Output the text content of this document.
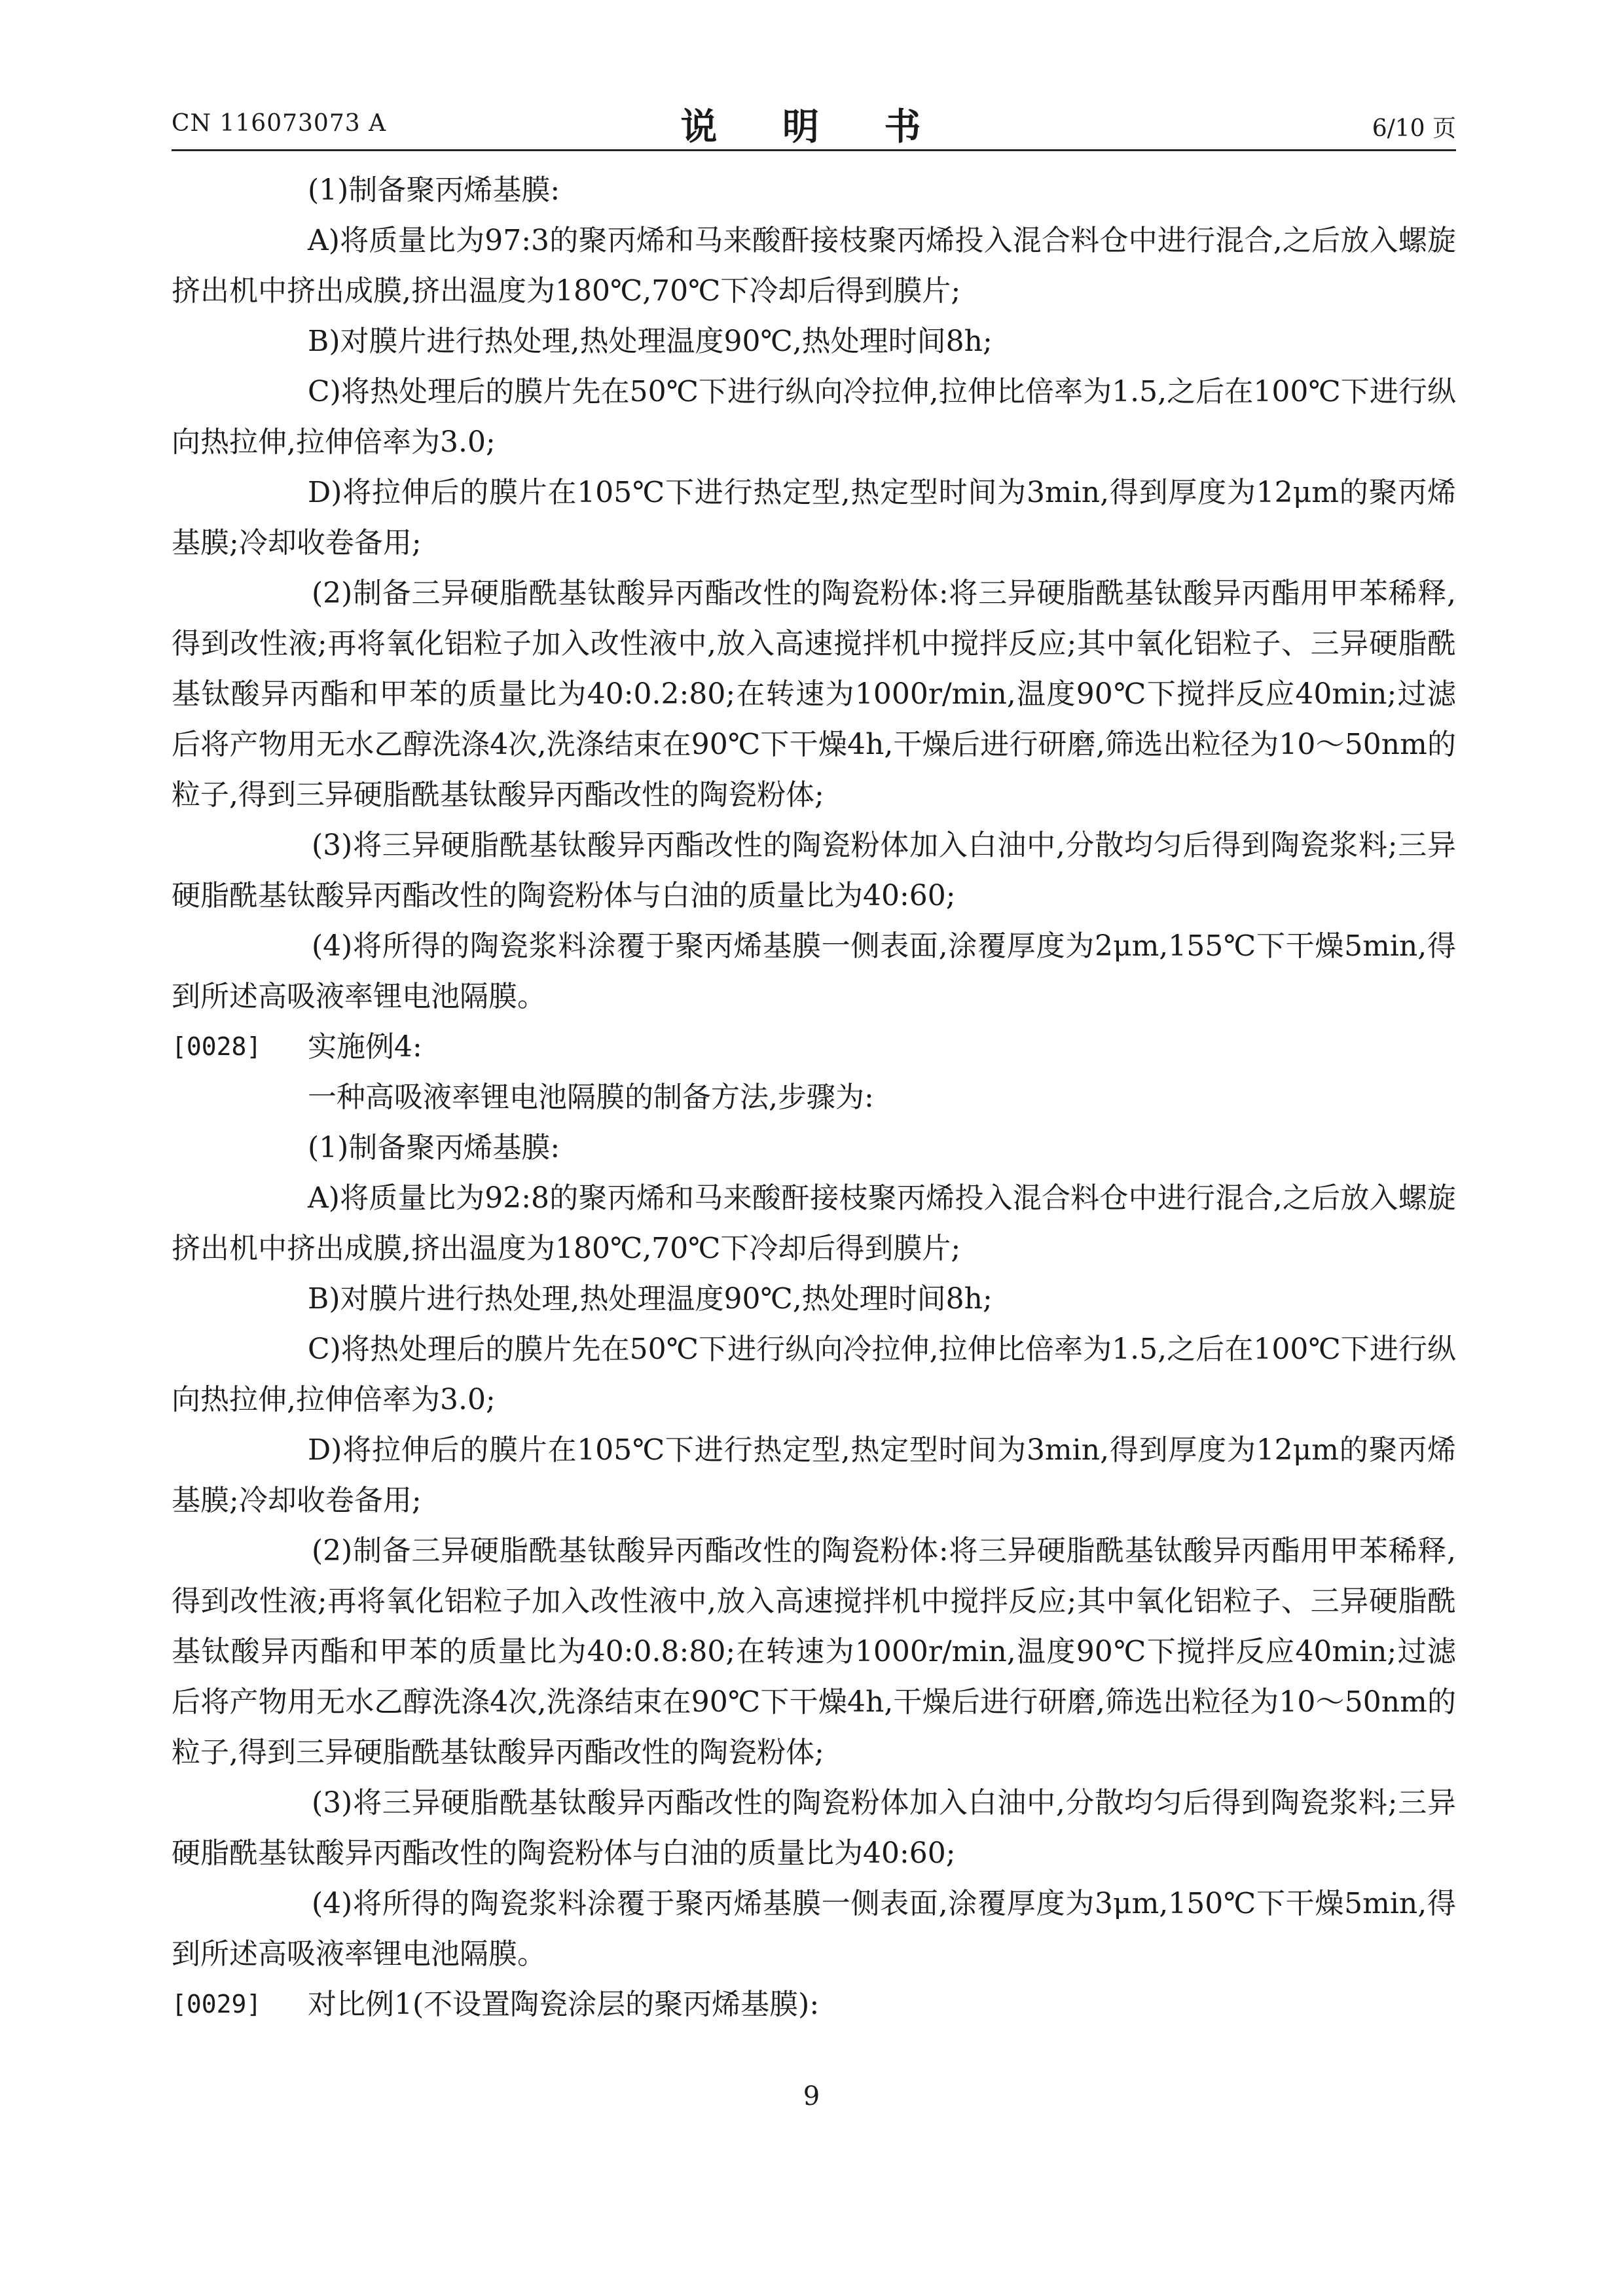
CN 116073073 A	说 明 书	6/10 页

(1)制备聚丙烯基膜:

A)将质量比为97:3的聚丙烯和马来酸酐接枝聚丙烯投入混合料仓中进行混合,之后放入螺旋挤出机中挤出成膜,挤出温度为180℃,70℃下冷却后得到膜片;

B)对膜片进行热处理,热处理温度90℃,热处理时间8h;

C)将热处理后的膜片先在50℃下进行纵向冷拉伸,拉伸比倍率为1.5,之后在100℃下进行纵向热拉伸,拉伸倍率为3.0;

D)将拉伸后的膜片在105℃下进行热定型,热定型时间为3min,得到厚度为12μm的聚丙烯基膜;冷却收卷备用;

(2)制备三异硬脂酰基钛酸异丙酯改性的陶瓷粉体:将三异硬脂酰基钛酸异丙酯用甲苯稀释,得到改性液;再将氧化铝粒子加入改性液中,放入高速搅拌机中搅拌反应;其中氧化铝粒子、三异硬脂酰基钛酸异丙酯和甲苯的质量比为40:0.2:80;在转速为1000r/min,温度90℃下搅拌反应40min;过滤后将产物用无水乙醇洗涤4次,洗涤结束在90℃下干燥4h,干燥后进行研磨,筛选出粒径为10～50nm的粒子,得到三异硬脂酰基钛酸异丙酯改性的陶瓷粉体;

(3)将三异硬脂酰基钛酸异丙酯改性的陶瓷粉体加入白油中,分散均匀后得到陶瓷浆料;三异硬脂酰基钛酸异丙酯改性的陶瓷粉体与白油的质量比为40:60;

(4)将所得的陶瓷浆料涂覆于聚丙烯基膜一侧表面,涂覆厚度为2μm,155℃下干燥5min,得到所述高吸液率锂电池隔膜。

[0028] 实施例4:

一种高吸液率锂电池隔膜的制备方法,步骤为:

(1)制备聚丙烯基膜:

A)将质量比为92:8的聚丙烯和马来酸酐接枝聚丙烯投入混合料仓中进行混合,之后放入螺旋挤出机中挤出成膜,挤出温度为180℃,70℃下冷却后得到膜片;

B)对膜片进行热处理,热处理温度90℃,热处理时间8h;

C)将热处理后的膜片先在50℃下进行纵向冷拉伸,拉伸比倍率为1.5,之后在100℃下进行纵向热拉伸,拉伸倍率为3.0;

D)将拉伸后的膜片在105℃下进行热定型,热定型时间为3min,得到厚度为12μm的聚丙烯基膜;冷却收卷备用;

(2)制备三异硬脂酰基钛酸异丙酯改性的陶瓷粉体:将三异硬脂酰基钛酸异丙酯用甲苯稀释,得到改性液;再将氧化铝粒子加入改性液中,放入高速搅拌机中搅拌反应;其中氧化铝粒子、三异硬脂酰基钛酸异丙酯和甲苯的质量比为40:0.8:80;在转速为1000r/min,温度90℃下搅拌反应40min;过滤后将产物用无水乙醇洗涤4次,洗涤结束在90℃下干燥4h,干燥后进行研磨,筛选出粒径为10～50nm的粒子,得到三异硬脂酰基钛酸异丙酯改性的陶瓷粉体;

(3)将三异硬脂酰基钛酸异丙酯改性的陶瓷粉体加入白油中,分散均匀后得到陶瓷浆料;三异硬脂酰基钛酸异丙酯改性的陶瓷粉体与白油的质量比为40:60;

(4)将所得的陶瓷浆料涂覆于聚丙烯基膜一侧表面,涂覆厚度为3μm,150℃下干燥5min,得到所述高吸液率锂电池隔膜。

[0029] 对比例1(不设置陶瓷涂层的聚丙烯基膜):
9
